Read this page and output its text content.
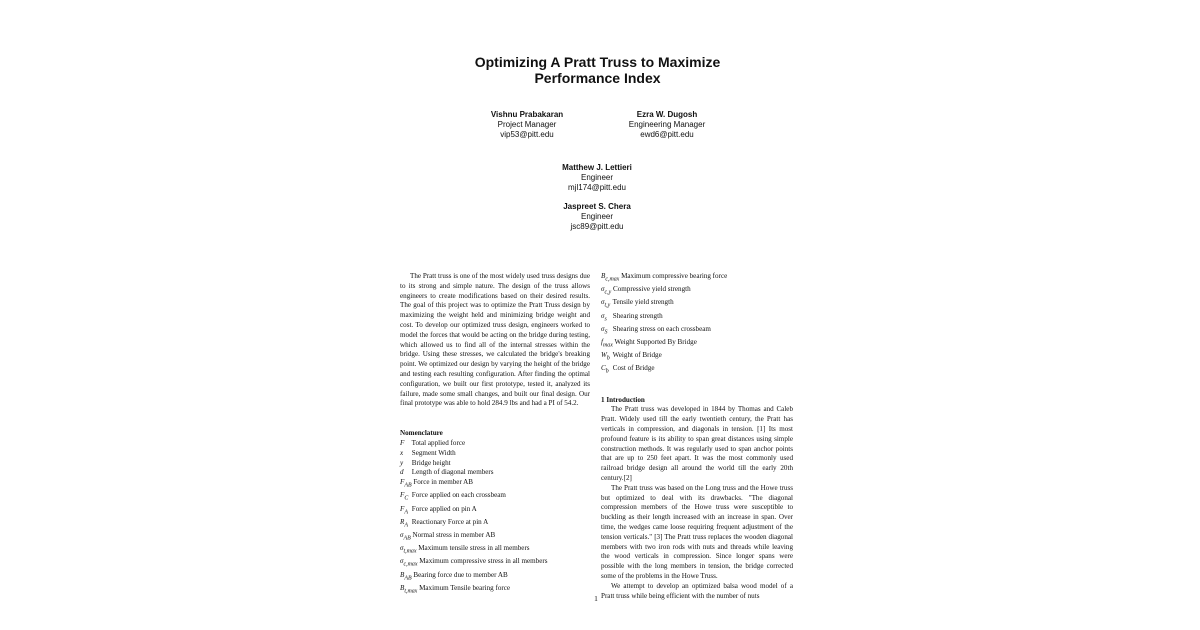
Optimizing A Pratt Truss to Maximize
Performance Index
Vishnu Prabakaran
Project Manager
vip53@pitt.edu
Ezra W. Dugosh
Engineering Manager
ewd6@pitt.edu
Matthew J. Lettieri
Engineer
mjl174@pitt.edu
Jaspreet S. Chera
Engineer
jsc89@pitt.edu

The Pratt truss is one of the most widely used truss designs due to its strong and simple nature. The design of the truss allows engineers to create modifications based on their desired results. The goal of this project was to optimize the Pratt Truss design by maximizing the weight held and minimizing bridge weight and cost. To develop our optimized truss design, engineers worked to model the forces that would be acting on the bridge during testing, which allowed us to find all of the internal stresses within the bridge. Using these stresses, we calculated the bridge's breaking point. We optimized our design by varying the height of the bridge and testing each resulting configuration. After finding the optimal configuration, we built our first prototype, tested it, analyzed its failure, made some small changes, and built our final design. Our final prototype was able to hold 284.9 lbs and had a PI of 54.2.

Nomenclature
F Total applied force
x Segment Width
y Bridge height
d Length of diagonal members
$F_{AB}$ Force in member AB
$F_C$ Force applied on each crossbeam
$F_A$ Force applied on pin A
$R_A$ Reactionary Force at pin A
$\sigma_{AB}$ Normal stress in member AB
$\sigma_{t,max}$ Maximum tensile stress in all members
$\sigma_{c,max}$ Maximum compressive stress in all members
$B_{AB}$ Bearing force due to member AB
$B_{t,max}$ Maximum Tensile bearing force
$B_{c,max}$ Maximum compressive bearing force
$\sigma_{c,y}$ Compressive yield strength
$\sigma_{t,y}$ Tensile yield strength
$\sigma_s$ Shearing strength
$\sigma_S$ Shearing stress on each crossbeam
$f_{max}$ Weight Supported By Bridge
$W_b$ Weight of Bridge
$C_b$ Cost of Bridge
1 Introduction

The Pratt truss was developed in 1844 by Thomas and Caleb Pratt. Widely used till the early twentieth century, the Pratt has verticals in compression, and diagonals in tension. [1] Its most profound feature is its ability to span great distances using simple construction methods. It was regularly used to span anchor points that are up to 250 feet apart. It was the most commonly used railroad bridge design all around the world till the early 20th century.[2]

The Pratt truss was based on the Long truss and the Howe truss but optimized to deal with its drawbacks. "The diagonal compression members of the Howe truss were susceptible to buckling as their length increased with an increase in span. Over time, the wedges came loose requiring frequent adjustment of the tension verticals." [3] The Pratt truss replaces the wooden diagonal members with two iron rods with nuts and threads while leaving the wood verticals in compression. Since longer spans were possible with the long members in tension, the bridge corrected some of the problems in the Howe Truss.

We attempt to develop an optimized balsa wood model of a Pratt truss while being efficient with the number of nuts

1
